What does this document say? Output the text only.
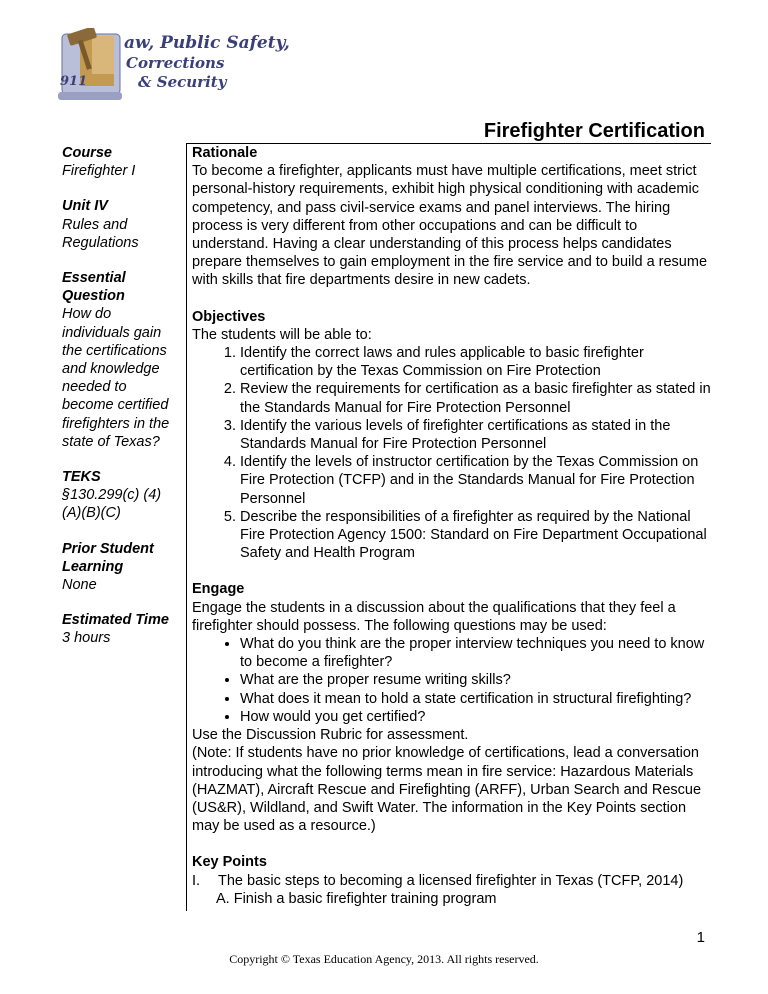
911
aw, Public Safety,
Corrections
& Security
Firefighter Certification
Course
Firefighter I
Unit IV
Rules and Regulations
Essential Question
How do individuals gain the certifications and knowledge needed to become certified firefighters in the state of Texas?
TEKS
§130.299(c) (4)(A)(B)(C)
Prior Student Learning
None
Estimated Time
3 hours
Rationale

To become a firefighter, applicants must have multiple certifications, meet strict personal-history requirements, exhibit high physical conditioning with academic competency, and pass civil-service exams and panel interviews. The hiring process is very different from other occupations and can be difficult to understand. Having a clear understanding of this process helps candidates prepare themselves to gain employment in the fire service and to build a resume with skills that fire departments desire in new cadets.

Objectives

The students will be able to:

1. Identify the correct laws and rules applicable to basic firefighter certification by the Texas Commission on Fire Protection
2. Review the requirements for certification as a basic firefighter as stated in the Standards Manual for Fire Protection Personnel
3. Identify the various levels of firefighter certifications as stated in the Standards Manual for Fire Protection Personnel
4. Identify the levels of instructor certification by the Texas Commission on Fire Protection (TCFP) and in the Standards Manual for Fire Protection Personnel
5. Describe the responsibilities of a firefighter as required by the National Fire Protection Agency 1500: Standard on Fire Department Occupational Safety and Health Program
Engage

Engage the students in a discussion about the qualifications that they feel a firefighter should possess. The following questions may be used:

• What do you think are the proper interview techniques you need to know to become a firefighter?
• What are the proper resume writing skills?
• What does it mean to hold a state certification in structural firefighting?
• How would you get certified?

Use the Discussion Rubric for assessment.

(Note: If students have no prior knowledge of certifications, lead a conversation introducing what the following terms mean in fire service: Hazardous Materials (HAZMAT), Aircraft Rescue and Firefighting (ARFF), Urban Search and Rescue (US&R), Wildland, and Swift Water. The information in the Key Points section may be used as a resource.)

Key Points
I.	The basic steps to becoming a licensed firefighter in Texas (TCFP, 2014)
A. Finish a basic firefighter training program
1
Copyright © Texas Education Agency, 2013. All rights reserved.
